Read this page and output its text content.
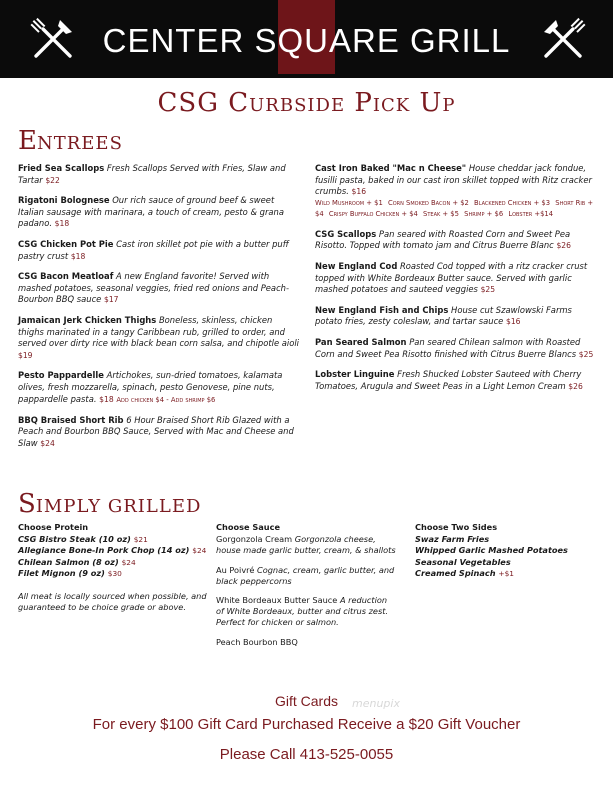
CENTER SQUARE GRILL
CSG Curbside Pick Up
ENTREES
Fried Sea Scallops Fresh Scallops Served with Fries, Slaw and Tartar $22
Rigatoni Bolognese Our rich sauce of ground beef & sweet Italian sausage with marinara, a touch of cream, pesto & grana padano. $18
CSG Chicken Pot Pie Cast iron skillet pot pie with a butter puff pastry crust $18
CSG Bacon Meatloaf A new England favorite! Served with mashed potatoes, seasonal veggies, fried red onions and Peach-Bourbon BBQ sauce $17
Jamaican Jerk Chicken Thighs Boneless, skinless, chicken thighs marinated in a tangy Caribbean rub, grilled to order, and served over dirty rice with black bean corn salsa, and chipotle aioli $19
Pesto Pappardelle Artichokes, sun-dried tomatoes, kalamata olives, fresh mozzarella, spinach, pesto Genovese, pine nuts, pappardelle pasta. $18 Add chicken $4 - Add shrimp $6
BBQ Braised Short Rib 6 Hour Braised Short Rib Glazed with a Peach and Bourbon BBQ Sauce, Served with Mac and Cheese and Slaw $24
Cast Iron Baked "Mac n Cheese" House cheddar jack fondue, fusilli pasta, baked in our cast iron skillet topped with Ritz cracker crumbs. $16
Wild Mushroom + $1 Corn Smoked Bacon + $2 Blackened Chicken + $3 Short Rib + $4 Crispy Buffalo Chicken + $4 Steak + $5 Shrimp + $6 Lobster +$14
CSG Scallops Pan seared with Roasted Corn and Sweet Pea Risotto. Topped with tomato jam and Citrus Buerre Blanc $26
New England Cod Roasted Cod topped with a ritz cracker crust topped with White Bordeaux Butter sauce. Served with garlic mashed potatoes and sauteed veggies $25
New England Fish and Chips House cut Szawlowski Farms potato fries, zesty coleslaw, and tartar sauce $16
Pan Seared Salmon Pan seared Chilean salmon with Roasted Corn and Sweet Pea Risotto finished with Citrus Buerre Blancs $25
Lobster Linguine Fresh Shucked Lobster Sauteed with Cherry Tomatoes, Arugula and Sweet Peas in a Light Lemon Cream $26
SIMPLY GRILLED
Choose Protein
CSG Bistro Steak (10 oz) $21
Allegiance Bone-In Pork Chop (14 oz) $24
Chilean Salmon (8 oz) $24
Filet Mignon (9 oz) $30
All meat is locally sourced when possible, and guaranteed to be choice grade or above.
Choose Sauce
Gorgonzola Cream Gorgonzola cheese, house made garlic butter, cream, & shallots
Au Poivré Cognac, cream, garlic butter, and black peppercorns
White Bordeaux Butter Sauce A reduction of White Bordeaux, butter and citrus zest. Perfect for chicken or salmon.
Peach Bourbon BBQ
Choose Two Sides
Swaz Farm Fries
Whipped Garlic Mashed Potatoes
Seasonal Vegetables
Creamed Spinach +$1
Gift Cards	menupix
For every $100 Gift Card Purchased Receive a $20 Gift Voucher
Please Call 413-525-0055
